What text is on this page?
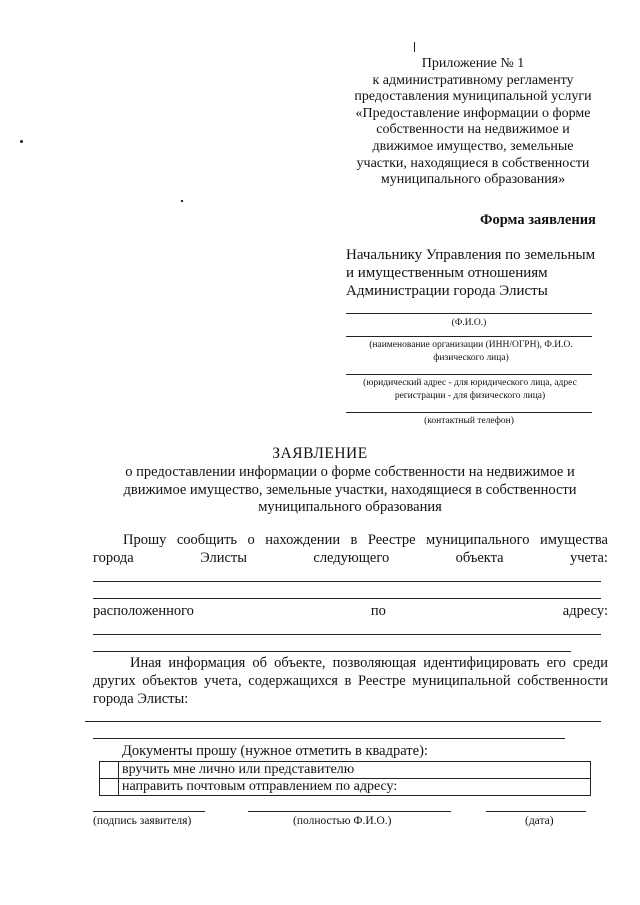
Приложение № 1
к административному регламенту
предоставления муниципальной услуги
«Предоставление информации о форме
собственности на недвижимое и
движимое имущество, земельные
участки, находящиеся в собственности
муниципального образования»
Форма заявления
Начальнику Управления по земельным
и имущественным отношениям
Администрации города Элисты
(Ф.И.О.)
(наименование организации (ИНН/ОГРН), Ф.И.О. физического лица)
(юридический адрес - для юридического лица, адрес регистрации - для физического лица)
(контактный телефон)
ЗАЯВЛЕНИЕ
о предоставлении информации о форме собственности на недвижимое и
движимое имущество, земельные участки, находящиеся в собственности
муниципального образования
Прошу сообщить о нахождении в Реестре муниципального имущества
города	Элисты	следующего	объекта	учета:
расположенного	по	адресу:
Иная информация об объекте, позволяющая идентифицировать его среди
других объектов учета, содержащихся в Реестре муниципальной собственности
города Элисты:
Документы прошу (нужное отметить в квадрате):
	вручить мне лично или представителю
	направить почтовым отправлением по адресу:
(подпись заявителя)	(полностью Ф.И.О.)	(дата)
